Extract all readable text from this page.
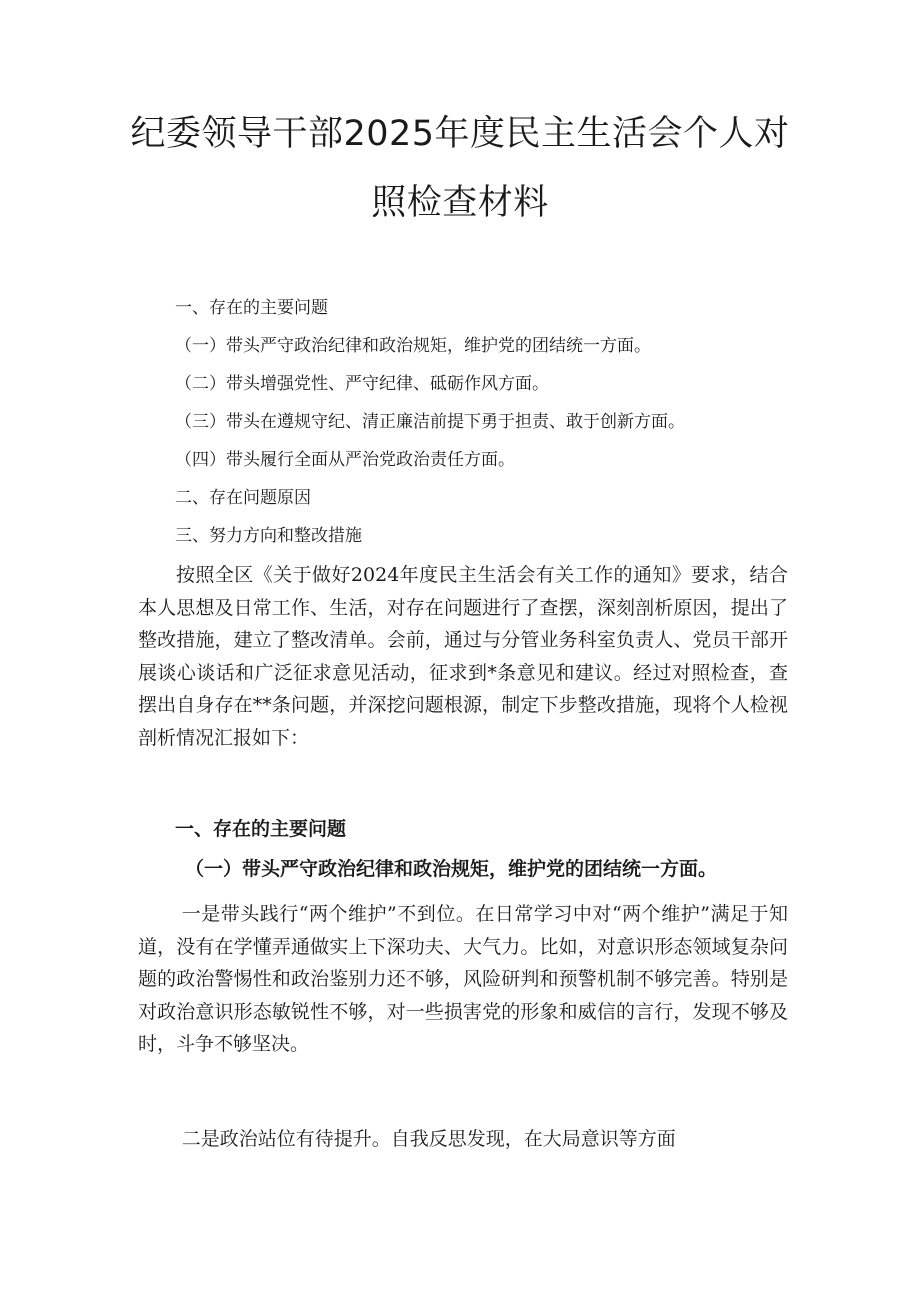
纪委领导干部2025年度民主生活会个人对
照检查材料
一、存在的主要问题
（一）带头严守政治纪律和政治规矩，维护党的团结统一方面。
（二）带头增强党性、严守纪律、砥砺作风方面。
（三）带头在遵规守纪、清正廉洁前提下勇于担责、敢于创新方面。
（四）带头履行全面从严治党政治责任方面。
二、存在问题原因
三、努力方向和整改措施

按照全区《关于做好2024年度民主生活会有关工作的通知》要求，结合本人思想及日常工作、生活，对存在问题进行了查摆，深刻剖析原因，提出了整改措施，建立了整改清单。会前，通过与分管业务科室负责人、党员干部开展谈心谈话和广泛征求意见活动，征求到*条意见和建议。经过对照检查，查摆出自身存在**条问题，并深挖问题根源，制定下步整改措施，现将个人检视剖析情况汇报如下：

一、存在的主要问题
（一）带头严守政治纪律和政治规矩，维护党的团结统一方面。

一是带头践行“两个维护”不到位。在日常学习中对“两个维护”满足于知道，没有在学懂弄通做实上下深功夫、大气力。比如，对意识形态领域复杂问题的政治警惕性和政治鉴别力还不够，风险研判和预警机制不够完善。特别是对政治意识形态敏锐性不够，对一些损害党的形象和威信的言行，发现不够及时，斗争不够坚决。

二是政治站位有待提升。自我反思发现，在大局意识等方面
